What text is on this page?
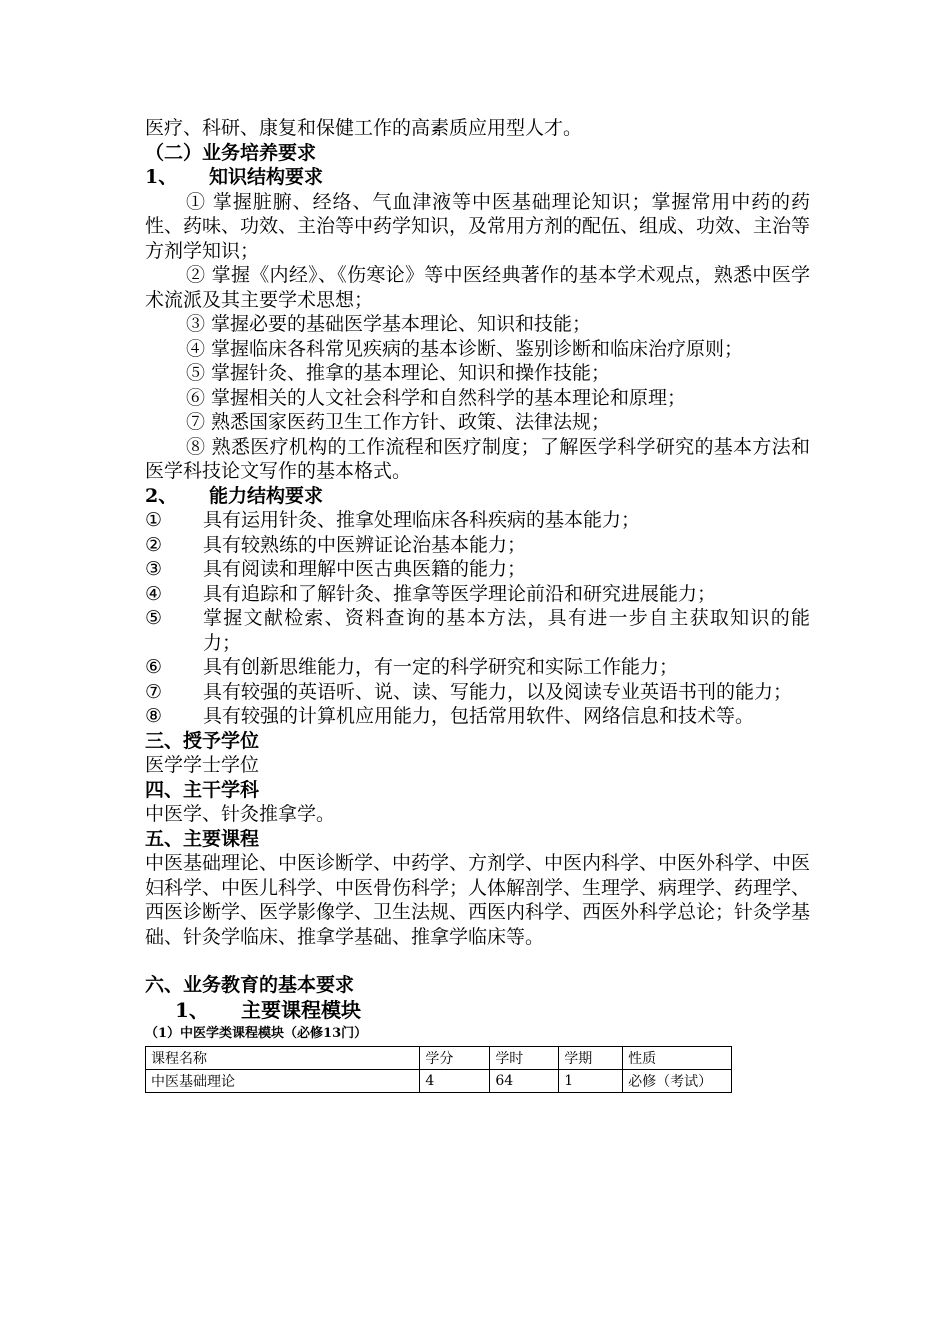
医疗、科研、康复和保健工作的高素质应用型人才。

（二）业务培养要求

1、	知识结构要求

① 掌握脏腑、经络、气血津液等中医基础理论知识；掌握常用中药的药性、药味、功效、主治等中药学知识，及常用方剂的配伍、组成、功效、主治等方剂学知识；

② 掌握《内经》、《伤寒论》等中医经典著作的基本学术观点，熟悉中医学术流派及其主要学术思想；

③ 掌握必要的基础医学基本理论、知识和技能；

④ 掌握临床各科常见疾病的基本诊断、鉴别诊断和临床治疗原则；

⑤ 掌握针灸、推拿的基本理论、知识和操作技能；

⑥ 掌握相关的人文社会科学和自然科学的基本理论和原理；

⑦ 熟悉国家医药卫生工作方针、政策、法律法规；

⑧ 熟悉医疗机构的工作流程和医疗制度；了解医学科学研究的基本方法和医学科技论文写作的基本格式。

2、	能力结构要求

①	具有运用针灸、推拿处理临床各科疾病的基本能力；

②	具有较熟练的中医辨证论治基本能力；

③	具有阅读和理解中医古典医籍的能力；

④	具有追踪和了解针灸、推拿等医学理论前沿和研究进展能力；

⑤	掌握文献检索、资料查询的基本方法，具有进一步自主获取知识的能力；

⑥	具有创新思维能力，有一定的科学研究和实际工作能力；

⑦	具有较强的英语听、说、读、写能力，以及阅读专业英语书刊的能力；

⑧	具有较强的计算机应用能力，包括常用软件、网络信息和技术等。

三、授予学位

医学学士学位

四、主干学科

中医学、针灸推拿学。

五、主要课程

中医基础理论、中医诊断学、中药学、方剂学、中医内科学、中医外科学、中医妇科学、中医儿科学、中医骨伤科学；人体解剖学、生理学、病理学、药理学、西医诊断学、医学影像学、卫生法规、西医内科学、西医外科学总论；针灸学基础、针灸学临床、推拿学基础、推拿学临床等。

六、业务教育的基本要求

1、	主要课程模块

（1）中医学类课程模块（必修13门）

课程名称	学分	学时	学期	性质
中医基础理论	4	64	1	必修（考试）
